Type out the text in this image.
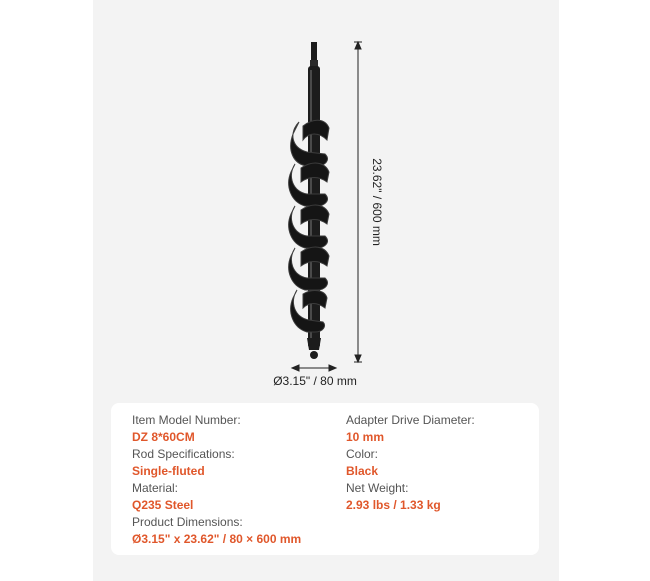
23.62" / 600 mm
Ø3.15" / 80 mm
Item Model Number:
DZ 8*60CM
Rod Specifications:
Single-fluted
Material:
Q235 Steel
Product Dimensions:
Ø3.15" x 23.62" / 80 × 600 mm
Adapter Drive Diameter:
10 mm
Color:
Black
Net Weight:
2.93 lbs / 1.33 kg
